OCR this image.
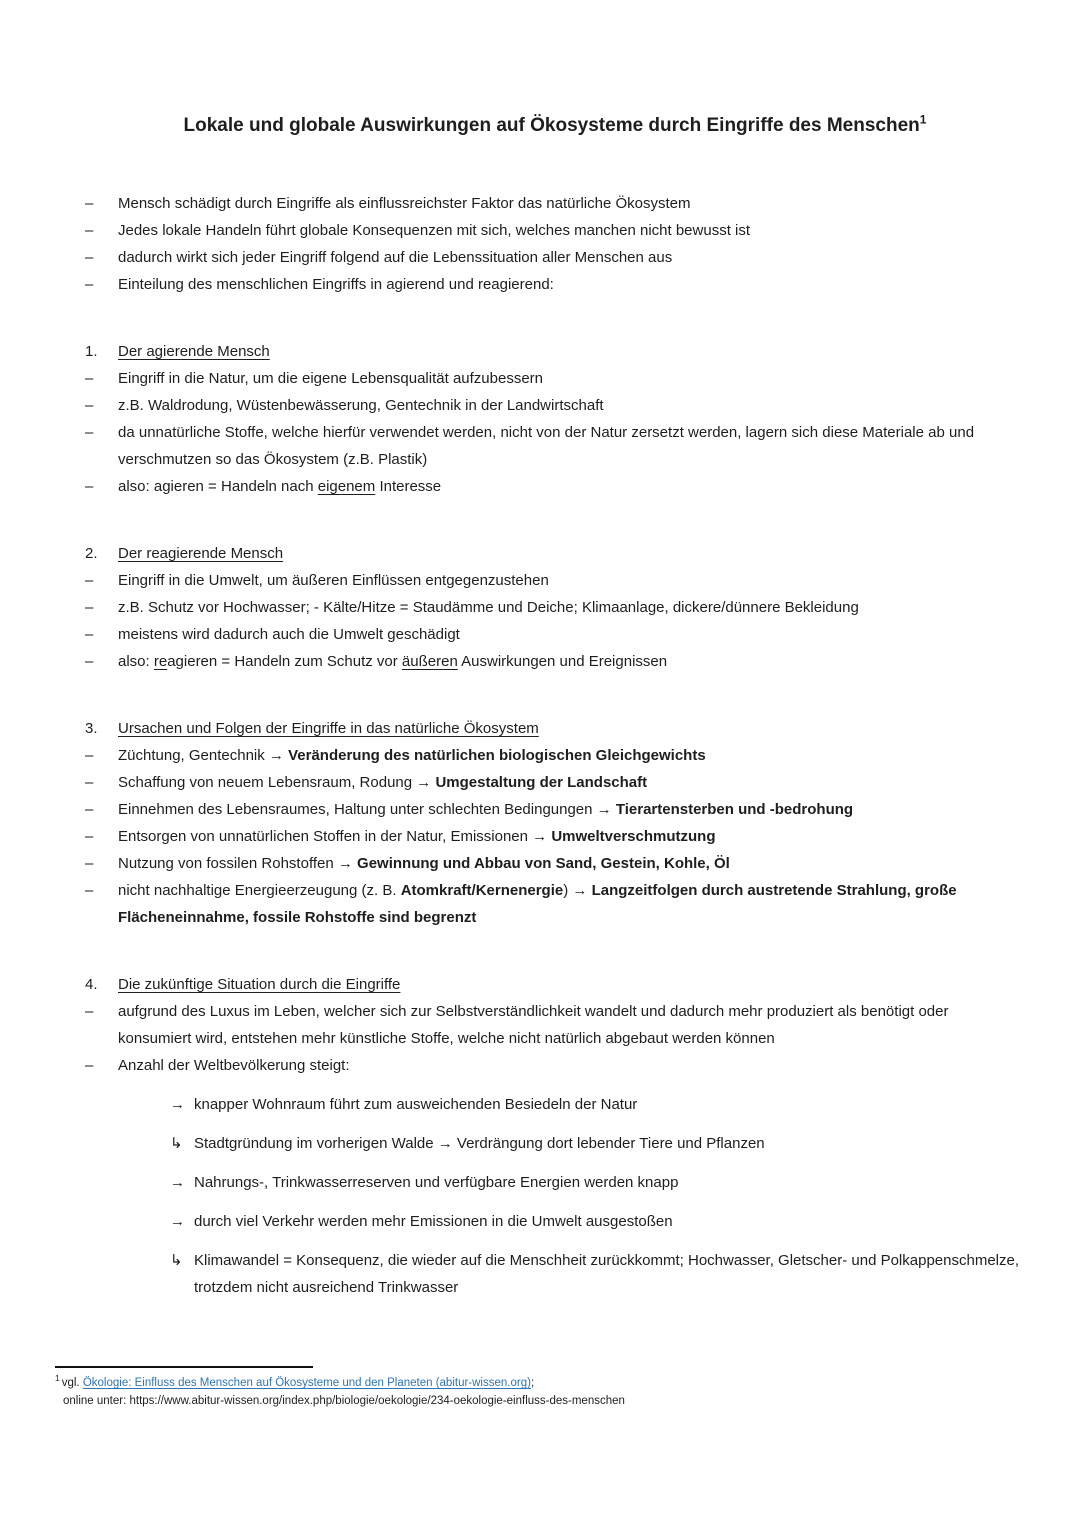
Lokale und globale Auswirkungen auf Ökosysteme durch Eingriffe des Menschen$^1$
–	Mensch schädigt durch Eingriffe als einflussreichster Faktor das natürliche Ökosystem
–	Jedes lokale Handeln führt globale Konsequenzen mit sich, welches manchen nicht bewusst ist
–	dadurch wirkt sich jeder Eingriff folgend auf die Lebenssituation aller Menschen aus
–	Einteilung des menschlichen Eingriffs in agierend und reagierend:
1.	Der agierende Mensch
–	Eingriff in die Natur, um die eigene Lebensqualität aufzubessern
–	z.B. Waldrodung, Wüstenbewässerung, Gentechnik in der Landwirtschaft
–	da unnatürliche Stoffe, welche hierfür verwendet werden, nicht von der Natur zersetzt werden, lagern sich diese Materiale ab und verschmutzen so das Ökosystem (z.B. Plastik)
–	also: agieren = Handeln nach eigenem Interesse
2.	Der reagierende Mensch
–	Eingriff in die Umwelt, um äußeren Einflüssen entgegenzustehen
–	z.B. Schutz vor Hochwasser; - Kälte/Hitze = Staudämme und Deiche; Klimaanlage, dickere/dünnere Bekleidung
–	meistens wird dadurch auch die Umwelt geschädigt
–	also: reagieren = Handeln zum Schutz vor äußeren Auswirkungen und Ereignissen
3.	Ursachen und Folgen der Eingriffe in das natürliche Ökosystem
–	Züchtung, Gentechnik → Veränderung des natürlichen biologischen Gleichgewichts
–	Schaffung von neuem Lebensraum, Rodung → Umgestaltung der Landschaft
–	Einnehmen des Lebensraumes, Haltung unter schlechten Bedingungen → Tierartensterben und -bedrohung
–	Entsorgen von unnatürlichen Stoffen in der Natur, Emissionen → Umweltverschmutzung
–	Nutzung von fossilen Rohstoffen → Gewinnung und Abbau von Sand, Gestein, Kohle, Öl
–	nicht nachhaltige Energieerzeugung (z. B. Atomkraft/Kernenergie) → Langzeitfolgen durch austretende Strahlung, große Flächeneinnahme, fossile Rohstoffe sind begrenzt
4.	Die zukünftige Situation durch die Eingriffe
–	aufgrund des Luxus im Leben, welcher sich zur Selbstverständlichkeit wandelt und dadurch mehr produziert als benötigt oder konsumiert wird, entstehen mehr künstliche Stoffe, welche nicht natürlich abgebaut werden können
–	Anzahl der Weltbevölkerung steigt:
→ knapper Wohnraum führt zum ausweichenden Besiedeln der Natur
↳ Stadtgründung im vorherigen Walde → Verdrängung dort lebender Tiere und Pflanzen
→ Nahrungs-, Trinkwasserreserven und verfügbare Energien werden knapp
→ durch viel Verkehr werden mehr Emissionen in die Umwelt ausgestoßen
↳ Klimawandel = Konsequenz, die wieder auf die Menschheit zurückkommt; Hochwasser, Gletscher- und Polkappenschmelze, trotzdem nicht ausreichend Trinkwasser
$^1$ vgl. Ökologie: Einfluss des Menschen auf Ökosysteme und den Planeten (abitur-wissen.org);
online unter: https://www.abitur-wissen.org/index.php/biologie/oekologie/234-oekologie-einfluss-des-menschen
